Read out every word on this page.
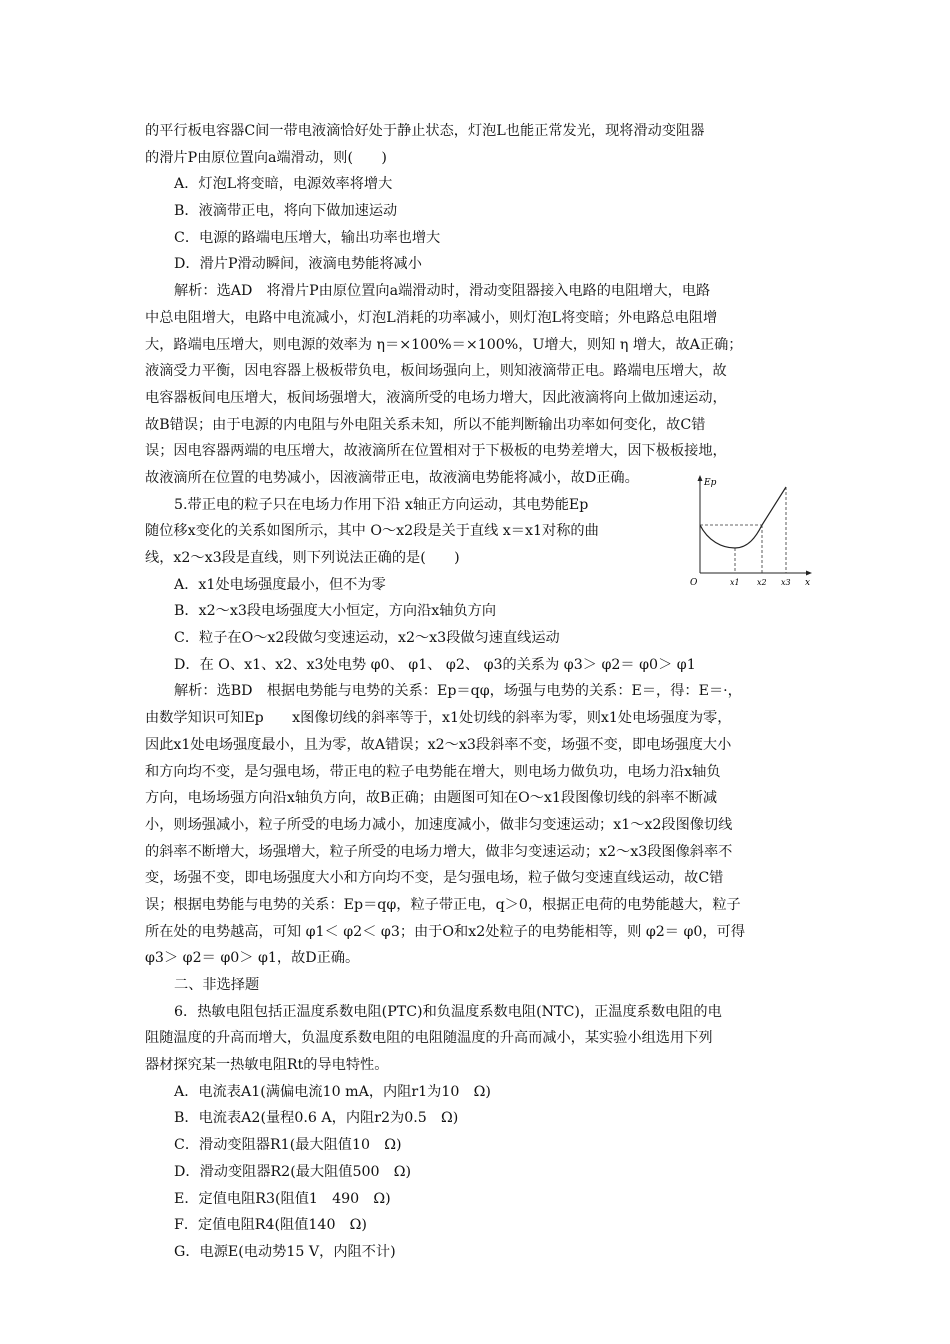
的平行板电容器C间一带电液滴恰好处于静止状态，灯泡L也能正常发光，现将滑动变阻器
的滑片P由原位置向a端滑动，则(　　)
A．灯泡L将变暗，电源效率将增大
B．液滴带正电，将向下做加速运动
C．电源的路端电压增大，输出功率也增大
D．滑片P滑动瞬间，液滴电势能将减小
解析：选AD　将滑片P由原位置向a端滑动时，滑动变阻器接入电路的电阻增大，电路
中总电阻增大，电路中电流减小，灯泡L消耗的功率减小，则灯泡L将变暗；外电路总电阻增
大，路端电压增大，则电源的效率为 η＝×100%＝×100%，U增大，则知 η 增大，故A正确；
液滴受力平衡，因电容器上极板带负电，板间场强向上，则知液滴带正电。路端电压增大，故
电容器板间电压增大，板间场强增大，液滴所受的电场力增大，因此液滴将向上做加速运动，
故B错误；由于电源的内电阻与外电阻关系未知，所以不能判断输出功率如何变化，故C错
误；因电容器两端的电压增大，故液滴所在位置相对于下极板的电势差增大，因下极板接地，
故液滴所在位置的电势减小，因液滴带正电，故液滴电势能将减小，故D正确。
5.带正电的粒子只在电场力作用下沿 x轴正方向运动，其电势能Ep
随位移x变化的关系如图所示，其中 O～x2段是关于直线 x＝x1对称的曲
线，x2～x3段是直线，则下列说法正确的是(　　)
A．x1处电场强度最小，但不为零
B．x2～x3段电场强度大小恒定，方向沿x轴负方向
C．粒子在O～x2段做匀变速运动，x2～x3段做匀速直线运动
D．在 O、x1、x2、x3处电势 φ0、 φ1、 φ2、 φ3的关系为 φ3＞ φ2＝ φ0＞ φ1
解析：选BD　根据电势能与电势的关系：Ep＝qφ，场强与电势的关系：E＝，得：E＝·，
由数学知识可知Ep　　x图像切线的斜率等于，x1处切线的斜率为零，则x1处电场强度为零，
因此x1处电场强度最小，且为零，故A错误；x2～x3段斜率不变，场强不变，即电场强度大小
和方向均不变，是匀强电场，带正电的粒子电势能在增大，则电场力做负功，电场力沿x轴负
方向，电场场强方向沿x轴负方向，故B正确；由题图可知在O～x1段图像切线的斜率不断减
小，则场强减小，粒子所受的电场力减小，加速度减小，做非匀变速运动；x1～x2段图像切线
的斜率不断增大，场强增大，粒子所受的电场力增大，做非匀变速运动；x2～x3段图像斜率不
变，场强不变，即电场强度大小和方向均不变，是匀强电场，粒子做匀变速直线运动，故C错
误；根据电势能与电势的关系：Ep＝qφ，粒子带正电，q＞0，根据正电荷的电势能越大，粒子
所在处的电势越高，可知 φ1＜ φ2＜ φ3；由于O和x2处粒子的电势能相等，则 φ2＝ φ0，可得
φ3＞ φ2＝ φ0＞ φ1，故D正确。
二、非选择题
6．热敏电阻包括正温度系数电阻(PTC)和负温度系数电阻(NTC)，正温度系数电阻的电
阻随温度的升高而增大，负温度系数电阻的电阻随温度的升高而减小，某实验小组选用下列
器材探究某一热敏电阻Rt的导电特性。
A．电流表A1(满偏电流10 mA，内阻r1为10　Ω)
B．电流表A2(量程0.6 A，内阻r2为0.5　Ω)
C．滑动变阻器R1(最大阻值10　Ω)
D．滑动变阻器R2(最大阻值500　Ω)
E．定值电阻R3(阻值1　490　Ω)
F．定值电阻R4(阻值140　Ω)
G．电源E(电动势15 V，内阻不计)
Ep
O	x1 x2 x3 x
